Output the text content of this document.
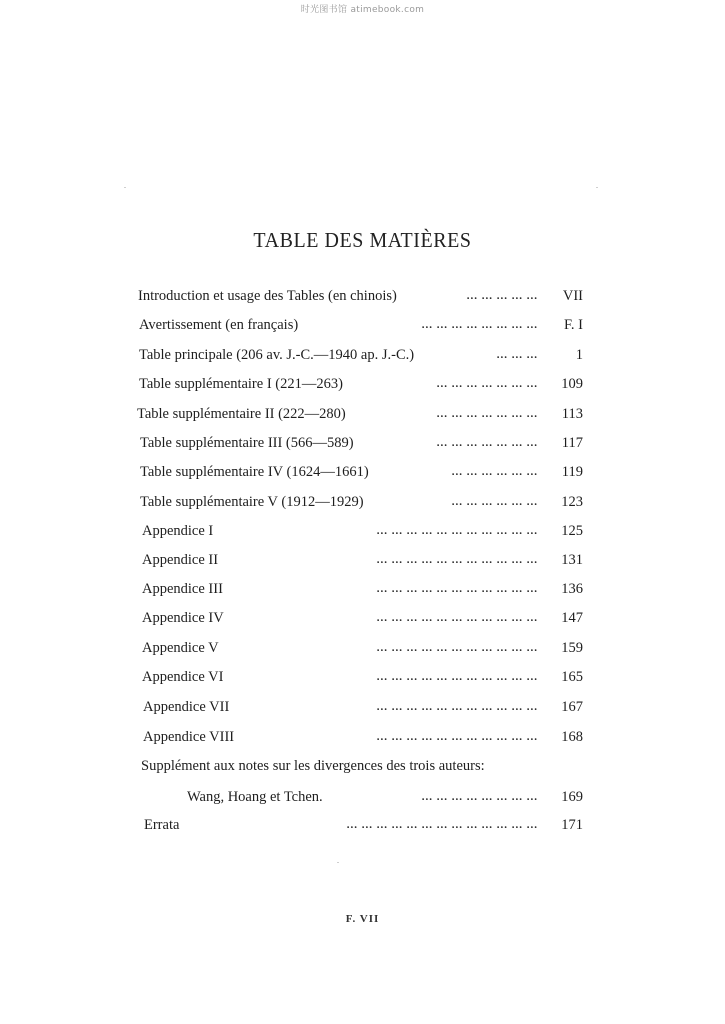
时光图书馆 atimebook.com
TABLE DES MATIÈRES
Introduction et usage des Tables (en chinois)	... ... ... ... ... VII
Avertissement (en français)	... ... ... ... ... ... ... ... F. I
Table principale (206 av. J.-C.—1940 ap. J.-C.)	... ... ...	1
Table supplémentaire I (221—263)	... ... ... ... ... ... ... 109
Table supplémentaire II (222—280)	... ... ... ... ... ... ... 113
Table supplémentaire III (566—589)	... ... ... ... ... ... ... 117
Table supplémentaire IV (1624—1661)	... ... ... ... ... ... 119
Table supplémentaire V (1912—1929)	... ... ... ... ... ... 123
Appendice I	... ... ... ... ... ... ... ... ... ... ... 125
Appendice II	... ... ... ... ... ... ... ... ... ... ... 131
Appendice III	... ... ... ... ... ... ... ... ... ... ... 136
Appendice IV	... ... ... ... ... ... ... ... ... ... ... 147
Appendice V	... ... ... ... ... ... ... ... ... ... ... 159
Appendice VI	... ... ... ... ... ... ... ... ... ... ... 165
Appendice VII	... ... ... ... ... ... ... ... ... ... ... 167
Appendice VIII	... ... ... ... ... ... ... ... ... ... ... 168
Supplément aux notes sur les divergences des trois auteurs:
Wang, Hoang et Tchen.	... ... ... ... ... ... ... ... 169
Errata	... ... ... ... ... ... ... ... ... ... ... ... ... 171
F. VII
